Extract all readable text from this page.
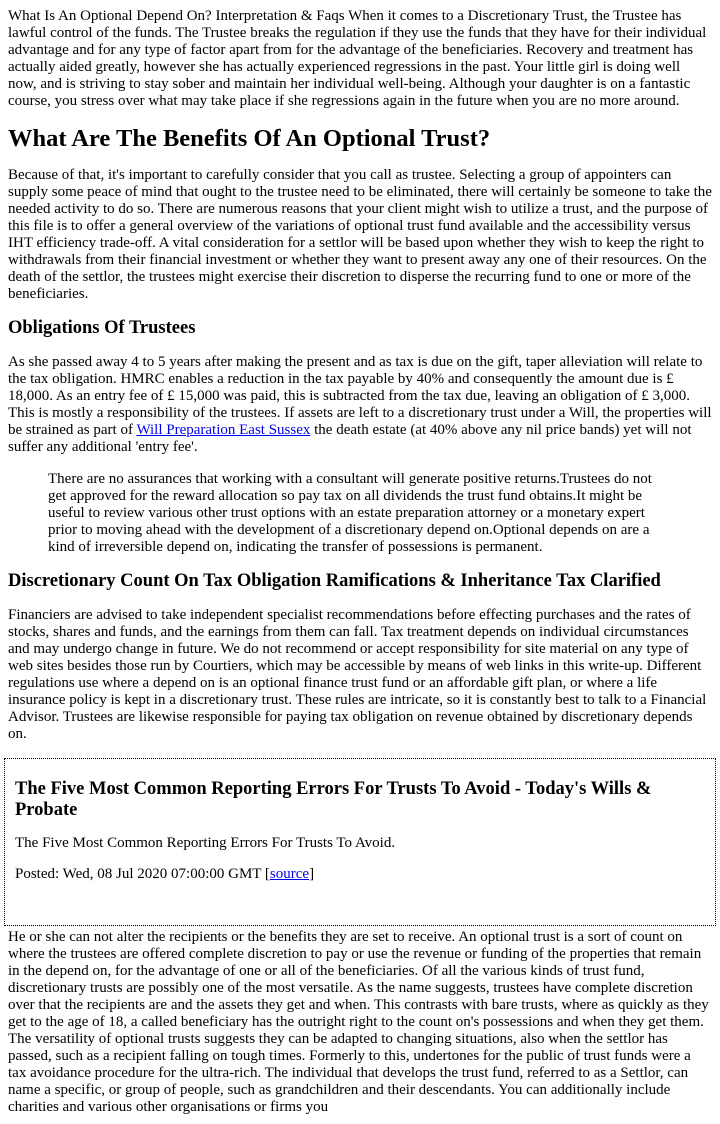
What Is An Optional Depend On? Interpretation & Faqs When it comes to a Discretionary Trust, the Trustee has lawful control of the funds. The Trustee breaks the regulation if they use the funds that they have for their individual advantage and for any type of factor apart from for the advantage of the beneficiaries. Recovery and treatment has actually aided greatly, however she has actually experienced regressions in the past. Your little girl is doing well now, and is striving to stay sober and maintain her individual well-being. Although your daughter is on a fantastic course, you stress over what may take place if she regressions again in the future when you are no more around.

What Are The Benefits Of An Optional Trust?

Because of that, it's important to carefully consider that you call as trustee. Selecting a group of appointers can supply some peace of mind that ought to the trustee need to be eliminated, there will certainly be someone to take the needed activity to do so. There are numerous reasons that your client might wish to utilize a trust, and the purpose of this file is to offer a general overview of the variations of optional trust fund available and the accessibility versus IHT efficiency trade-off. A vital consideration for a settlor will be based upon whether they wish to keep the right to withdrawals from their financial investment or whether they want to present away any one of their resources. On the death of the settlor, the trustees might exercise their discretion to disperse the recurring fund to one or more of the beneficiaries.

Obligations Of Trustees

As she passed away 4 to 5 years after making the present and as tax is due on the gift, taper alleviation will relate to the tax obligation. HMRC enables a reduction in the tax payable by 40% and consequently the amount due is £ 18,000. As an entry fee of £ 15,000 was paid, this is subtracted from the tax due, leaving an obligation of £ 3,000. This is mostly a responsibility of the trustees. If assets are left to a discretionary trust under a Will, the properties will be strained as part of Will Preparation East Sussex the death estate (at 40% above any nil price bands) yet will not suffer any additional 'entry fee'.

There are no assurances that working with a consultant will generate positive returns.Trustees do not get approved for the reward allocation so pay tax on all dividends the trust fund obtains.It might be useful to review various other trust options with an estate preparation attorney or a monetary expert prior to moving ahead with the development of a discretionary depend on.Optional depends on are a kind of irreversible depend on, indicating the transfer of possessions is permanent.
Discretionary Count On Tax Obligation Ramifications & Inheritance Tax Clarified

Financiers are advised to take independent specialist recommendations before effecting purchases and the rates of stocks, shares and funds, and the earnings from them can fall. Tax treatment depends on individual circumstances and may undergo change in future. We do not recommend or accept responsibility for site material on any type of web sites besides those run by Courtiers, which may be accessible by means of web links in this write-up. Different regulations use where a depend on is an optional finance trust fund or an affordable gift plan, or where a life insurance policy is kept in a discretionary trust. These rules are intricate, so it is constantly best to talk to a Financial Advisor. Trustees are likewise responsible for paying tax obligation on revenue obtained by discretionary depends on.

The Five Most Common Reporting Errors For Trusts To Avoid - Today's Wills & Probate

The Five Most Common Reporting Errors For Trusts To Avoid.

Posted: Wed, 08 Jul 2020 07:00:00 GMT [source]

He or she can not alter the recipients or the benefits they are set to receive. An optional trust is a sort of count on where the trustees are offered complete discretion to pay or use the revenue or funding of the properties that remain in the depend on, for the advantage of one or all of the beneficiaries. Of all the various kinds of trust fund, discretionary trusts are possibly one of the most versatile. As the name suggests, trustees have complete discretion over that the recipients are and the assets they get and when. This contrasts with bare trusts, where as quickly as they get to the age of 18, a called beneficiary has the outright right to the count on's possessions and when they get them. The versatility of optional trusts suggests they can be adapted to changing situations, also when the settlor has passed, such as a recipient falling on tough times. Formerly to this, undertones for the public of trust funds were a tax avoidance procedure for the ultra-rich. The individual that develops the trust fund, referred to as a Settlor, can name a specific, or group of people, such as grandchildren and their descendants. You can additionally include charities and various other organisations or firms you
